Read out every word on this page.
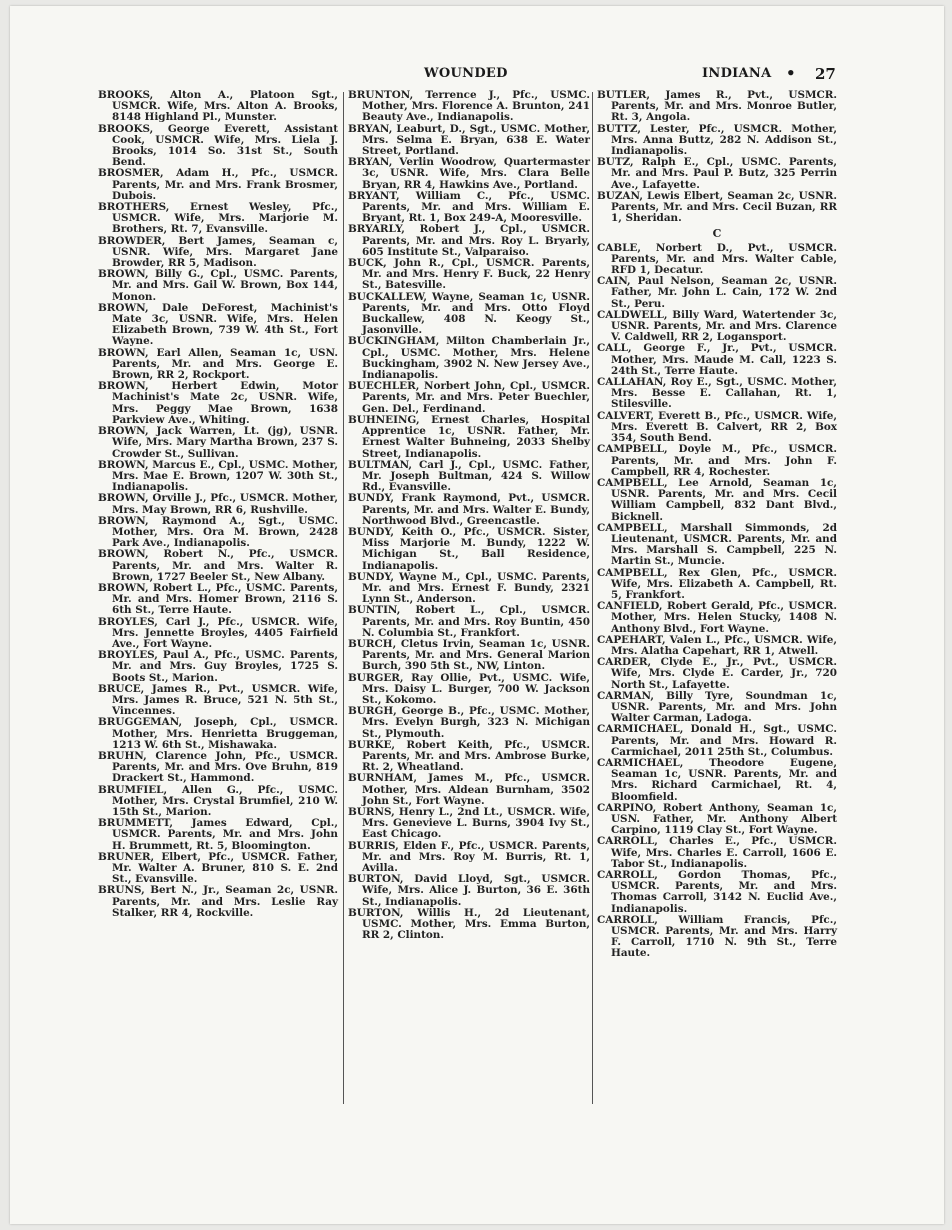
WOUNDED	INDIANA • 27

BROOKS, Alton A., Platoon Sgt., USMCR. Wife, Mrs. Alton A. Brooks, 8148 Highland Pl., Munster.

BROOKS, George Everett, Assistant Cook, USMCR. Wife, Mrs. Liela J. Brooks, 1014 So. 31st St., South Bend.

BROSMER, Adam H., Pfc., USMCR. Parents, Mr. and Mrs. Frank Brosmer, Dubois.

BROTHERS, Ernest Wesley, Pfc., USMCR. Wife, Mrs. Marjorie M. Brothers, Rt. 7, Evansville.

BROWDER, Bert James, Seaman c, USNR. Wife, Mrs. Margaret Jane Browder, RR 5, Madison.

BROWN, Billy G., Cpl., USMC. Parents, Mr. and Mrs. Gail W. Brown, Box 144, Monon.

BROWN, Dale DeForest, Machinist's Mate 3c, USNR. Wife, Mrs. Helen Elizabeth Brown, 739 W. 4th St., Fort Wayne.

BROWN, Earl Allen, Seaman 1c, USN. Parents, Mr. and Mrs. George E. Brown, RR 2, Rockport.

BROWN, Herbert Edwin, Motor Machinist's Mate 2c, USNR. Wife, Mrs. Peggy Mae Brown, 1638 Parkview Ave., Whiting.

BROWN, Jack Warren, Lt. (jg), USNR. Wife, Mrs. Mary Martha Brown, 237 S. Crowder St., Sullivan.

BROWN, Marcus E., Cpl., USMC. Mother, Mrs. Mae E. Brown, 1207 W. 30th St., Indianapolis.

BROWN, Orville J., Pfc., USMCR. Mother, Mrs. May Brown, RR 6, Rushville.

BROWN, Raymond A., Sgt., USMC. Mother, Mrs. Ora M. Brown, 2428 Park Ave., Indianapolis.

BROWN, Robert N., Pfc., USMCR. Parents, Mr. and Mrs. Walter R. Brown, 1727 Beeler St., New Albany.

BROWN, Robert L., Pfc., USMC. Parents, Mr. and Mrs. Homer Brown, 2116 S. 6th St., Terre Haute.

BROYLES, Carl J., Pfc., USMCR. Wife, Mrs. Jennette Broyles, 4405 Fairfield Ave., Fort Wayne.

BROYLES, Paul A., Pfc., USMC. Parents, Mr. and Mrs. Guy Broyles, 1725 S. Boots St., Marion.

BRUCE, James R., Pvt., USMCR. Wife, Mrs. James R. Bruce, 521 N. 5th St., Vincennes.

BRUGGEMAN, Joseph, Cpl., USMCR. Mother, Mrs. Henrietta Bruggeman, 1213 W. 6th St., Mishawaka.

BRUHN, Clarence John, Pfc., USMCR. Parents, Mr. and Mrs. Ove Bruhn, 819 Drackert St., Hammond.

BRUMFIEL, Allen G., Pfc., USMC. Mother, Mrs. Crystal Brumfiel, 210 W. 15th St., Marion.

BRUMMETT, James Edward, Cpl., USMCR. Parents, Mr. and Mrs. John H. Brummett, Rt. 5, Bloomington.

BRUNER, Elbert, Pfc., USMCR. Father, Mr. Walter A. Bruner, 810 S. E. 2nd St., Evansville.

BRUNS, Bert N., Jr., Seaman 2c, USNR. Parents, Mr. and Mrs. Leslie Ray Stalker, RR 4, Rockville.

BRUNTON, Terrence J., Pfc., USMC. Mother, Mrs. Florence A. Brunton, 241 Beauty Ave., Indianapolis.

BRYAN, Leaburt, D., Sgt., USMC. Mother, Mrs. Selma E. Bryan, 638 E. Water Street, Portland.

BRYAN, Verlin Woodrow, Quartermaster 3c, USNR. Wife, Mrs. Clara Belle Bryan, RR 4, Hawkins Ave., Portland.

BRYANT, William C., Pfc., USMC. Parents, Mr. and Mrs. William E. Bryant, Rt. 1, Box 249-A, Mooresville.

BRYARLY, Robert J., Cpl., USMCR. Parents, Mr. and Mrs. Roy L. Bryarly, 605 Institute St., Valparaiso.

BUCK, John R., Cpl., USMCR. Parents, Mr. and Mrs. Henry F. Buck, 22 Henry St., Batesville.

BUCKALLEW, Wayne, Seaman 1c, USNR. Parents, Mr. and Mrs. Otto Floyd Buckallew, 408 N. Keogy St., Jasonville.

BUCKINGHAM, Milton Chamberlain Jr., Cpl., USMC. Mother, Mrs. Helene Buckingham, 3902 N. New Jersey Ave., Indianapolis.

BUECHLER, Norbert John, Cpl., USMCR. Parents, Mr. and Mrs. Peter Buechler, Gen. Del., Ferdinand.

BUHNEING, Ernest Charles, Hospital Apprentice 1c, USNR. Father, Mr. Ernest Walter Buhneing, 2033 Shelby Street, Indianapolis.

BULTMAN, Carl J., Cpl., USMC. Father, Mr. Joseph Bultman, 424 S. Willow Rd., Evansville.

BUNDY, Frank Raymond, Pvt., USMCR. Parents, Mr. and Mrs. Walter E. Bundy, Northwood Blvd., Greencastle.

BUNDY, Keith O., Pfc., USMCR. Sister, Miss Marjorie M. Bundy, 1222 W. Michigan St., Ball Residence, Indianapolis.

BUNDY, Wayne M., Cpl., USMC. Parents, Mr. and Mrs. Ernest F. Bundy, 2321 Lynn St., Anderson.

BUNTIN, Robert L., Cpl., USMCR. Parents, Mr. and Mrs. Roy Buntin, 450 N. Columbia St., Frankfort.

BURCH, Cletus Irvin, Seaman 1c, USNR. Parents, Mr. and Mrs. General Marion Burch, 390 5th St., NW, Linton.

BURGER, Ray Ollie, Pvt., USMC. Wife, Mrs. Daisy L. Burger, 700 W. Jackson St., Kokomo.

BURGH, George B., Pfc., USMC. Mother, Mrs. Evelyn Burgh, 323 N. Michigan St., Plymouth.

BURKE, Robert Keith, Pfc., USMCR. Parents, Mr. and Mrs. Ambrose Burke, Rt. 2, Wheatland.

BURNHAM, James M., Pfc., USMCR. Mother, Mrs. Aldean Burnham, 3502 John St., Fort Wayne.

BURNS, Henry L., 2nd Lt., USMCR. Wife, Mrs. Genevieve L. Burns, 3904 Ivy St., East Chicago.

BURRIS, Elden F., Pfc., USMCR. Parents, Mr. and Mrs. Roy M. Burris, Rt. 1, Avilla.

BURTON, David Lloyd, Sgt., USMCR. Wife, Mrs. Alice J. Burton, 36 E. 36th St., Indianapolis.

BURTON, Willis H., 2d Lieutenant, USMC. Mother, Mrs. Emma Burton, RR 2, Clinton.

BUTLER, James R., Pvt., USMCR. Parents, Mr. and Mrs. Monroe Butler, Rt. 3, Angola.

BUTTZ, Lester, Pfc., USMCR. Mother, Mrs. Anna Buttz, 282 N. Addison St., Indianapolis.

BUTZ, Ralph E., Cpl., USMC. Parents, Mr. and Mrs. Paul P. Butz, 325 Perrin Ave., Lafayette.

BUZAN, Lewis Elbert, Seaman 2c, USNR. Parents, Mr. and Mrs. Cecil Buzan, RR 1, Sheridan.

C

CABLE, Norbert D., Pvt., USMCR. Parents, Mr. and Mrs. Walter Cable, RFD 1, Decatur.

CAIN, Paul Nelson, Seaman 2c, USNR. Father, Mr. John L. Cain, 172 W. 2nd St., Peru.

CALDWELL, Billy Ward, Watertender 3c, USNR. Parents, Mr. and Mrs. Clarence V. Caldwell, RR 2, Logansport.

CALL, George F., Jr., Pvt., USMCR. Mother, Mrs. Maude M. Call, 1223 S. 24th St., Terre Haute.

CALLAHAN, Roy E., Sgt., USMC. Mother, Mrs. Besse E. Callahan, Rt. 1, Stilesville.

CALVERT, Everett B., Pfc., USMCR. Wife, Mrs. Everett B. Calvert, RR 2, Box 354, South Bend.

CAMPBELL, Doyle M., Pfc., USMCR. Parents, Mr. and Mrs. John F. Campbell, RR 4, Rochester.

CAMPBELL, Lee Arnold, Seaman 1c, USNR. Parents, Mr. and Mrs. Cecil William Campbell, 832 Dant Blvd., Bicknell.

CAMPBELL, Marshall Simmonds, 2d Lieutenant, USMCR. Parents, Mr. and Mrs. Marshall S. Campbell, 225 N. Martin St., Muncie.

CAMPBELL, Rex Glen, Pfc., USMCR. Wife, Mrs. Elizabeth A. Campbell, Rt. 5, Frankfort.

CANFIELD, Robert Gerald, Pfc., USMCR. Mother, Mrs. Helen Stucky, 1408 N. Anthony Blvd., Fort Wayne.

CAPEHART, Valen L., Pfc., USMCR. Wife, Mrs. Alatha Capehart, RR 1, Atwell.

CARDER, Clyde E., Jr., Pvt., USMCR. Wife, Mrs. Clyde E. Carder, Jr., 720 North St., Lafayette.

CARMAN, Billy Tyre, Soundman 1c, USNR. Parents, Mr. and Mrs. John Walter Carman, Ladoga.

CARMICHAEL, Donald H., Sgt., USMC. Parents, Mr. and Mrs. Howard R. Carmichael, 2011 25th St., Columbus.

CARMICHAEL, Theodore Eugene, Seaman 1c, USNR. Parents, Mr. and Mrs. Richard Carmichael, Rt. 4, Bloomfield.

CARPINO, Robert Anthony, Seaman 1c, USN. Father, Mr. Anthony Albert Carpino, 1119 Clay St., Fort Wayne.

CARROLL, Charles E., Pfc., USMCR. Wife, Mrs. Charles E. Carroll, 1606 E. Tabor St., Indianapolis.

CARROLL, Gordon Thomas, Pfc., USMCR. Parents, Mr. and Mrs. Thomas Carroll, 3142 N. Euclid Ave., Indianapolis.

CARROLL, William Francis, Pfc., USMCR. Parents, Mr. and Mrs. Harry F. Carroll, 1710 N. 9th St., Terre Haute.
